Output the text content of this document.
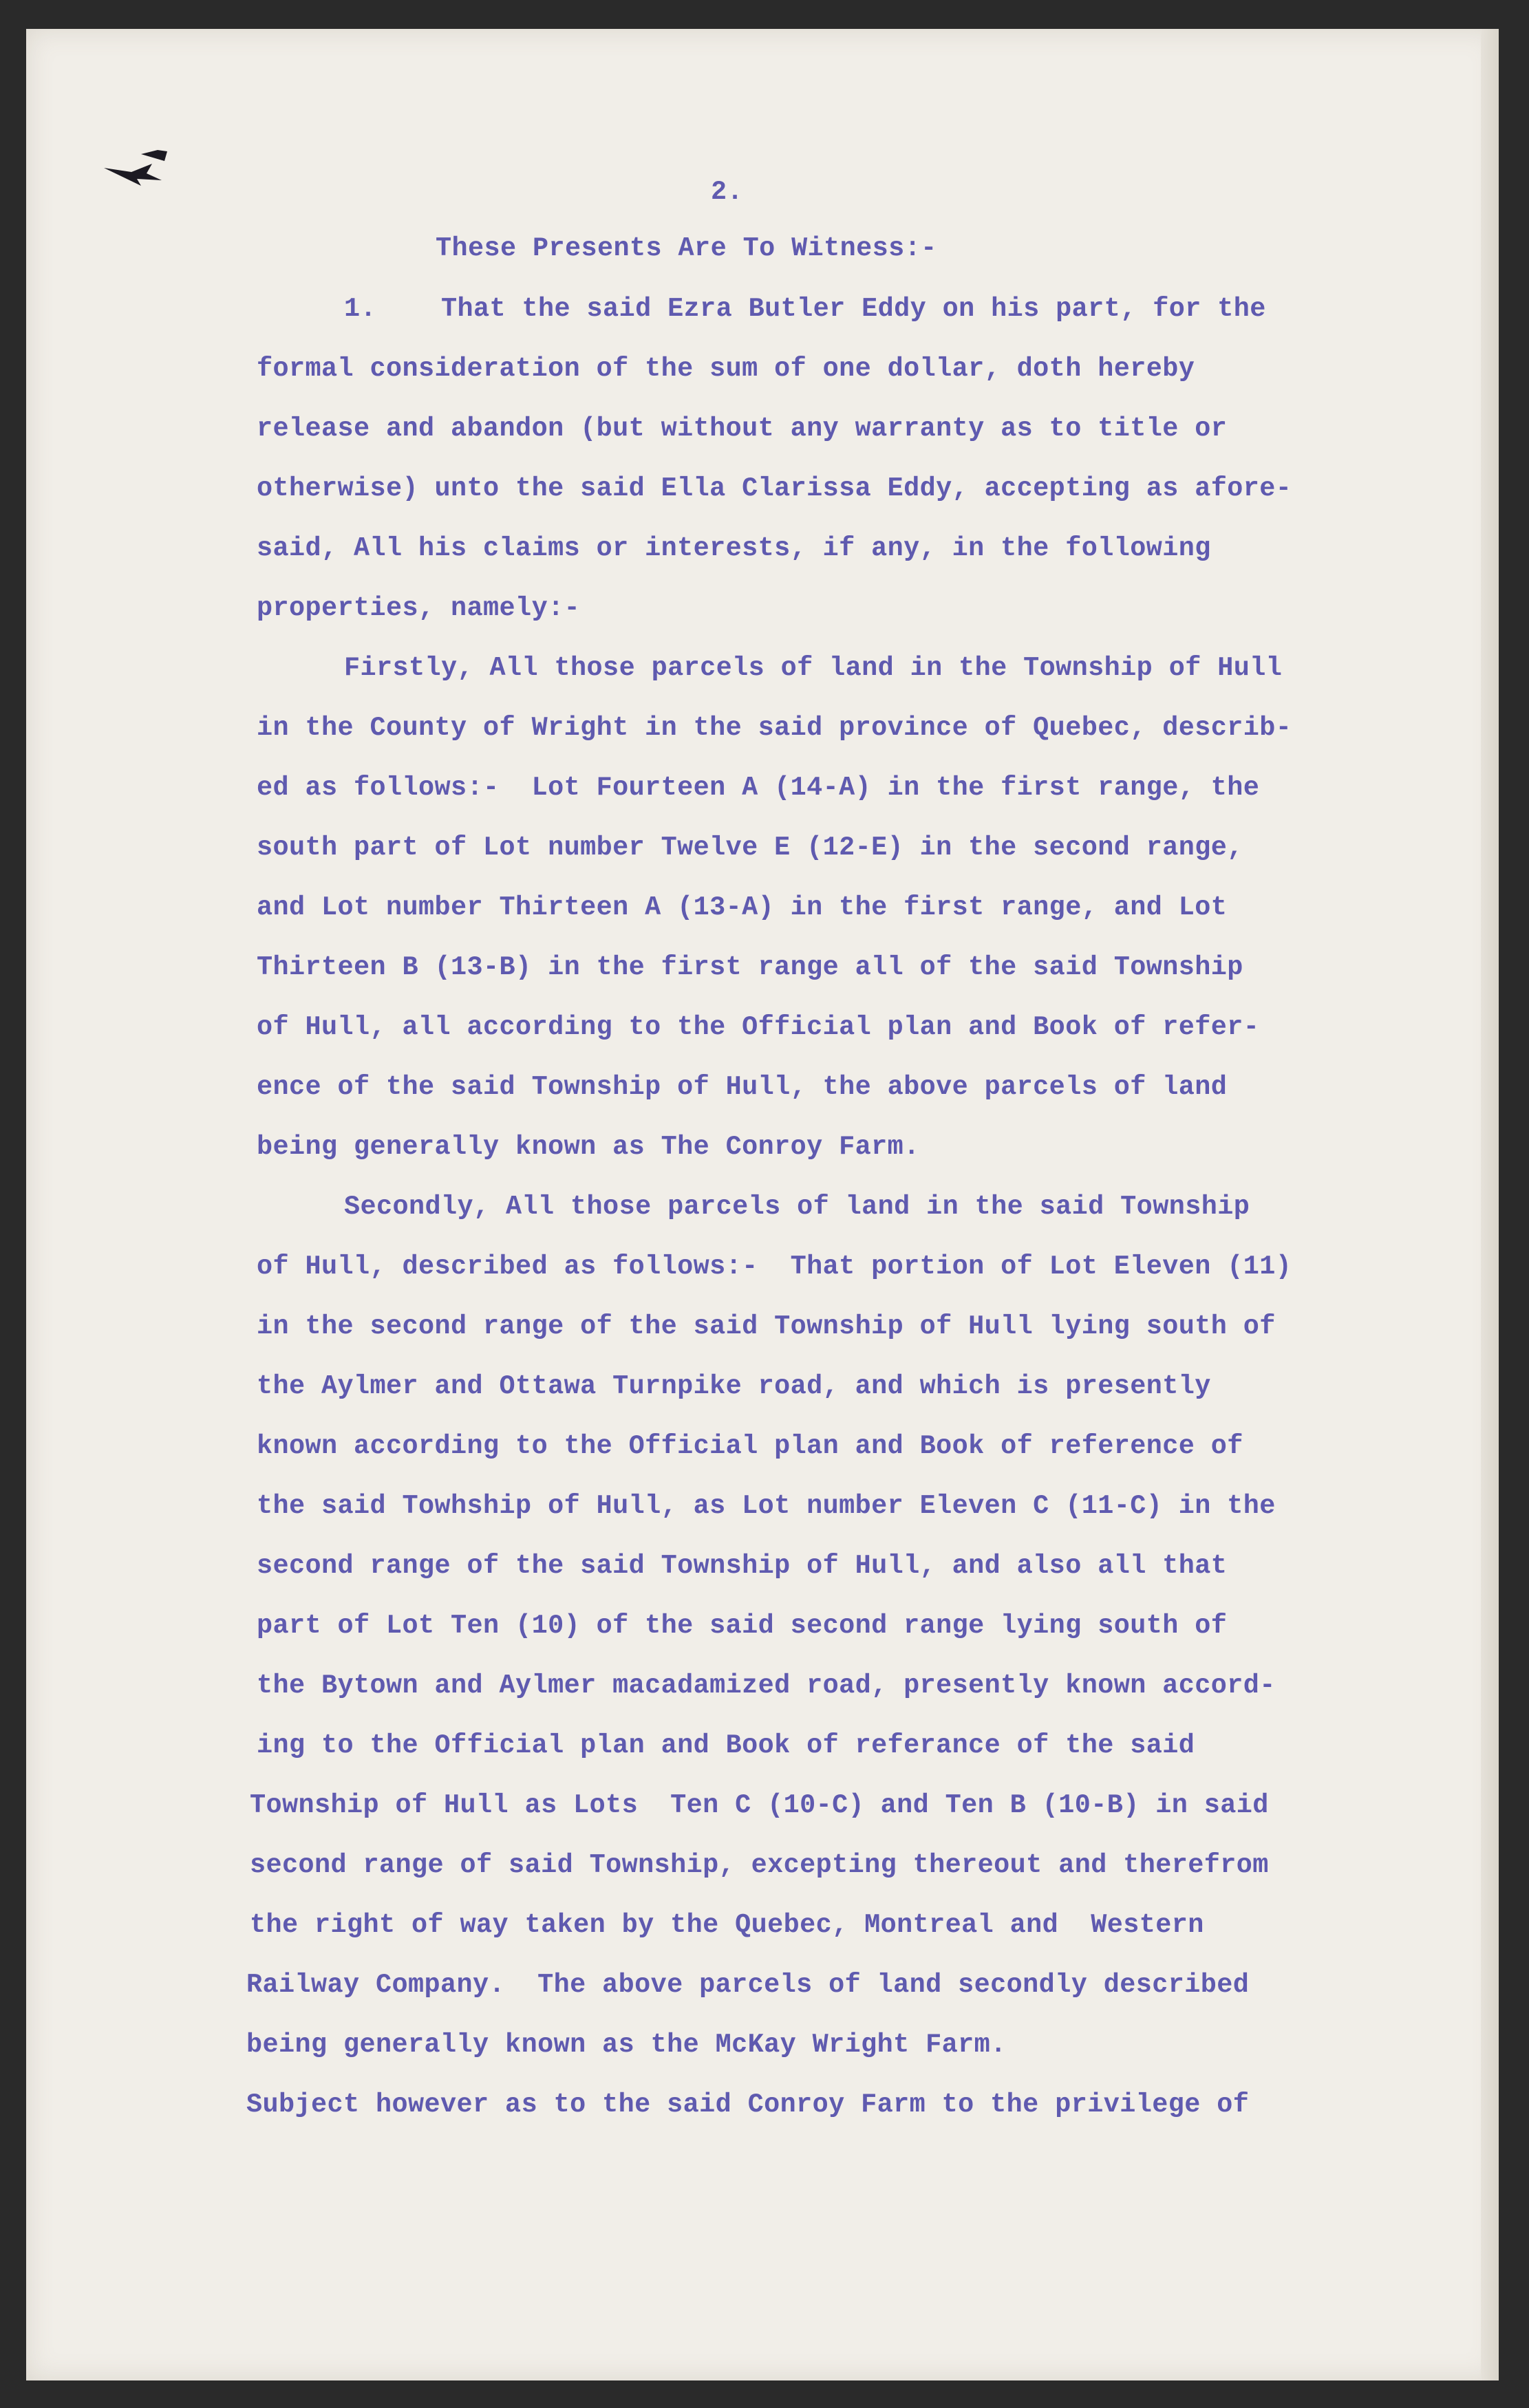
2.
These Presents Are To Witness:-
1.    That the said Ezra Butler Eddy on his part, for the
formal consideration of the sum of one dollar, doth hereby
release and abandon (but without any warranty as to title or
otherwise) unto the said Ella Clarissa Eddy, accepting as afore-
said, All his claims or interests, if any, in the following
properties, namely:-
Firstly, All those parcels of land in the Township of Hull
in the County of Wright in the said province of Quebec, describ-
ed as follows:-  Lot Fourteen A (14-A) in the first range, the
south part of Lot number Twelve E (12-E) in the second range,
and Lot number Thirteen A (13-A) in the first range, and Lot
Thirteen B (13-B) in the first range all of the said Township
of Hull, all according to the Official plan and Book of refer-
ence of the said Township of Hull, the above parcels of land
being generally known as The Conroy Farm.
Secondly, All those parcels of land in the said Township
of Hull, described as follows:-  That portion of Lot Eleven (11)
in the second range of the said Township of Hull lying south of
the Aylmer and Ottawa Turnpike road, and which is presently
known according to the Official plan and Book of reference of
the said Towhship of Hull, as Lot number Eleven C (11-C) in the
second range of the said Township of Hull, and also all that
part of Lot Ten (10) of the said second range lying south of
the Bytown and Aylmer macadamized road, presently known accord-
ing to the Official plan and Book of referance of the said
Township of Hull as Lots  Ten C (10-C) and Ten B (10-B) in said
second range of said Township, excepting thereout and therefrom
the right of way taken by the Quebec, Montreal and  Western
Railway Company.  The above parcels of land secondly described
being generally known as the McKay Wright Farm.
Subject however as to the said Conroy Farm to the privilege of
